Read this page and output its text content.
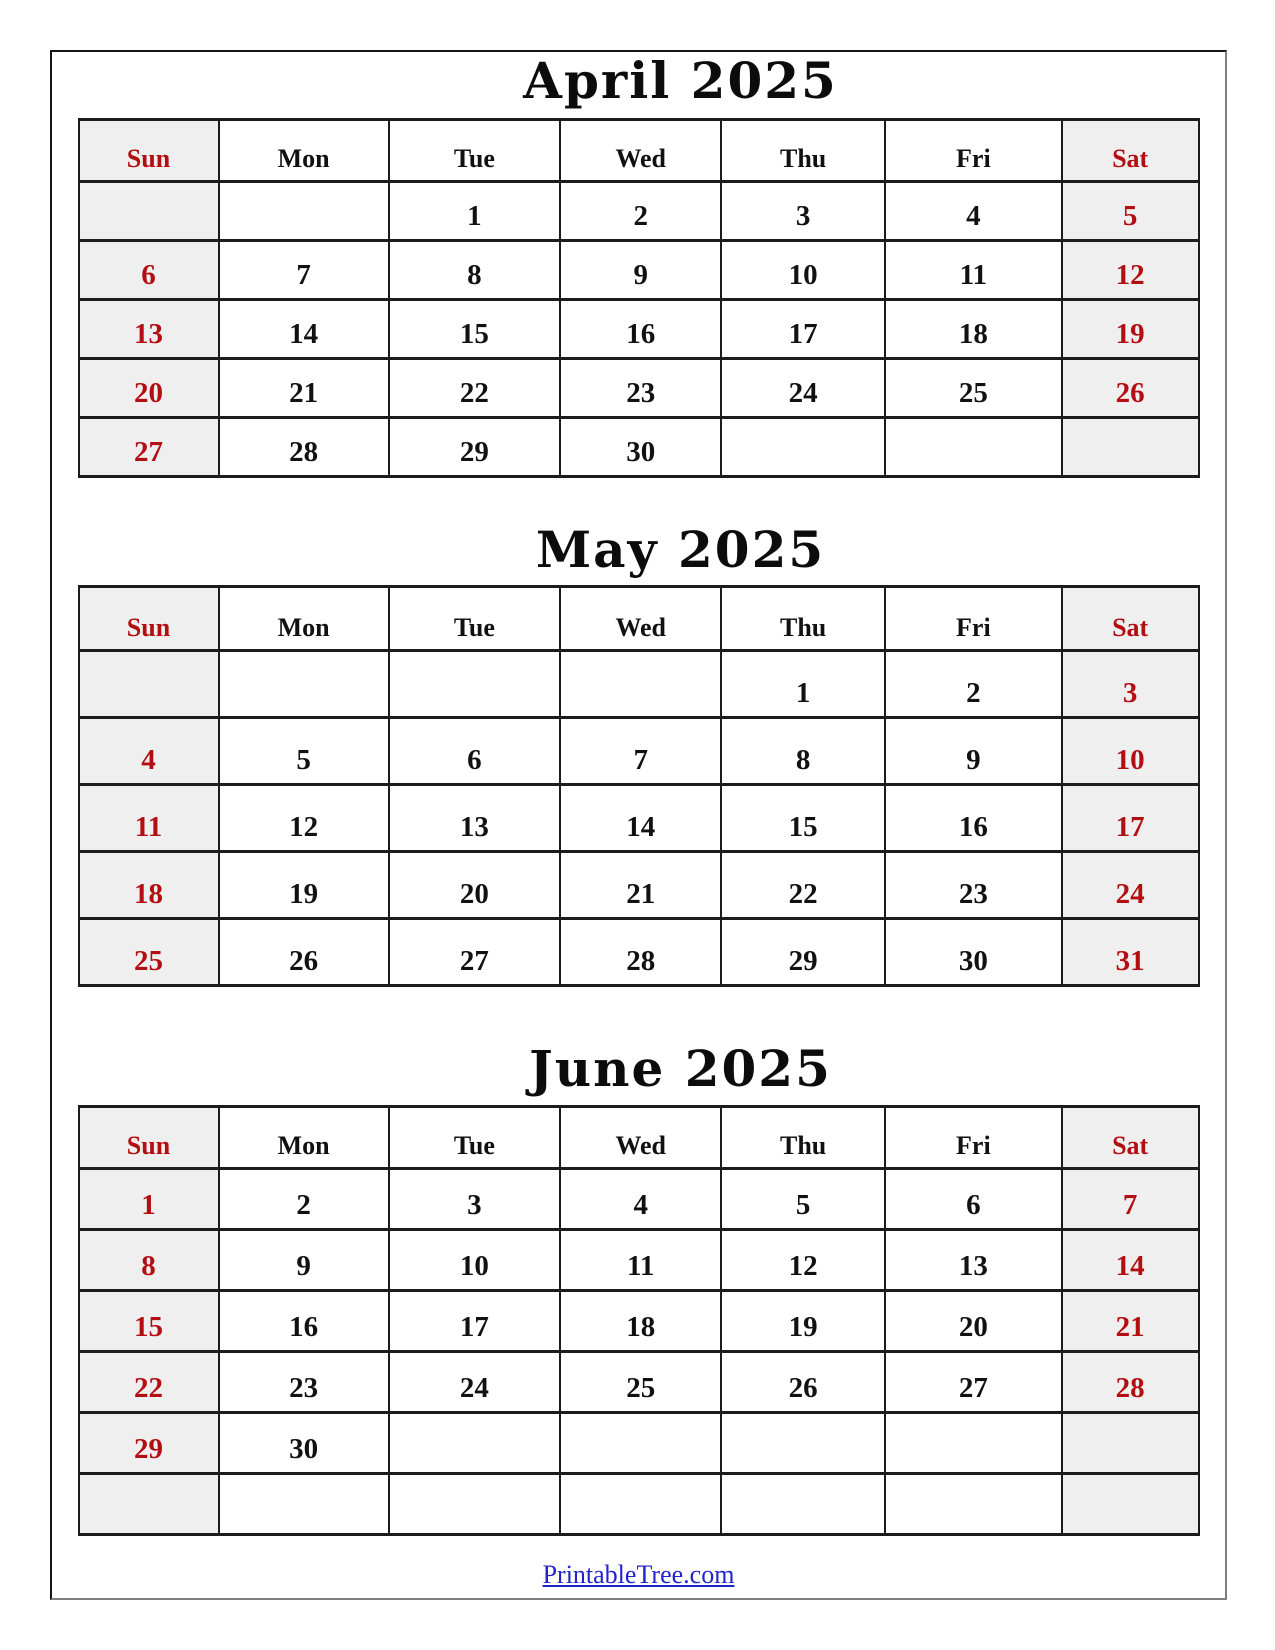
April 2025
Sun	Mon	Tue	Wed	Thu	Fri	Sat
		1	2	3	4	5
6	7	8	9	10	11	12
13	14	15	16	17	18	19
20	21	22	23	24	25	26
27	28	29	30			
May 2025
Sun	Mon	Tue	Wed	Thu	Fri	Sat
				1	2	3
4	5	6	7	8	9	10
11	12	13	14	15	16	17
18	19	20	21	22	23	24
25	26	27	28	29	30	31
June 2025
Sun	Mon	Tue	Wed	Thu	Fri	Sat
1	2	3	4	5	6	7
8	9	10	11	12	13	14
15	16	17	18	19	20	21
22	23	24	25	26	27	28
29	30					

PrintableTree.com
